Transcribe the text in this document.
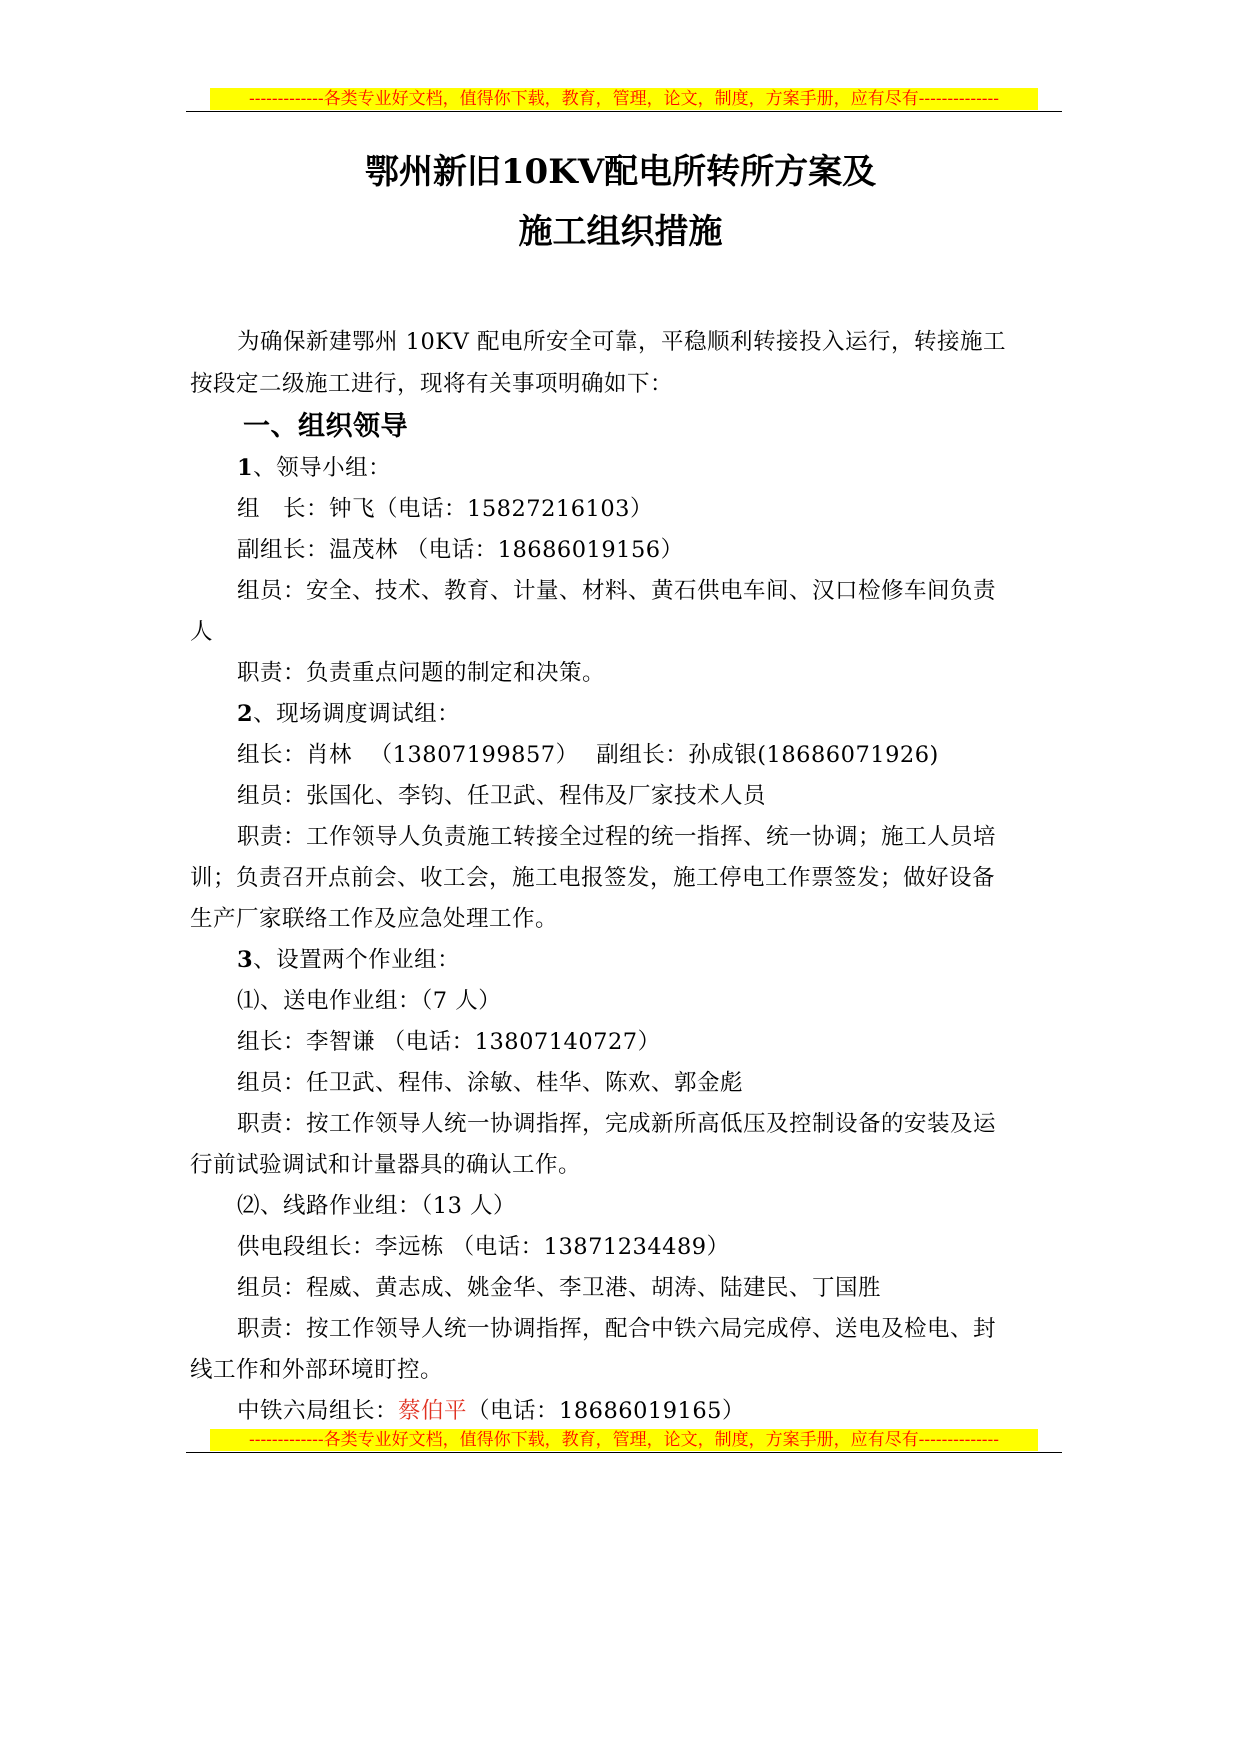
-------------各类专业好文档，值得你下载，教育，管理，论文，制度，方案手册，应有尽有--------------
鄂州新旧10KV配电所转所方案及
施工组织措施
为确保新建鄂州 10KV 配电所安全可靠，平稳顺利转接投入运行，转接施工
按段定二级施工进行，现将有关事项明确如下：
一、组织领导
1、领导小组：
组　长：钟飞（电话：15827216103）
副组长：温茂林 （电话：18686019156）
组员：安全、技术、教育、计量、材料、黄石供电车间、汉口检修车间负责
人
职责：负责重点问题的制定和决策。
2、现场调度调试组：
组长：肖林 （13807199857） 副组长：孙成银(18686071926)
组员：张国化、李钧、任卫武、程伟及厂家技术人员
职责：工作领导人负责施工转接全过程的统一指挥、统一协调；施工人员培
训；负责召开点前会、收工会，施工电报签发，施工停电工作票签发；做好设备
生产厂家联络工作及应急处理工作。
3、设置两个作业组：
⑴、送电作业组：（7 人）
组长：李智谦 （电话：13807140727）
组员：任卫武、程伟、涂敏、桂华、陈欢、郭金彪
职责：按工作领导人统一协调指挥，完成新所高低压及控制设备的安装及运
行前试验调试和计量器具的确认工作。
⑵、线路作业组：（13 人）
供电段组长：李远栋 （电话：13871234489）
组员：程威、黄志成、姚金华、李卫港、胡涛、陆建民、丁国胜
职责：按工作领导人统一协调指挥，配合中铁六局完成停、送电及检电、封
线工作和外部环境盯控。
中铁六局组长：蔡伯平（电话：18686019165）
-------------各类专业好文档，值得你下载，教育，管理，论文，制度，方案手册，应有尽有--------------
